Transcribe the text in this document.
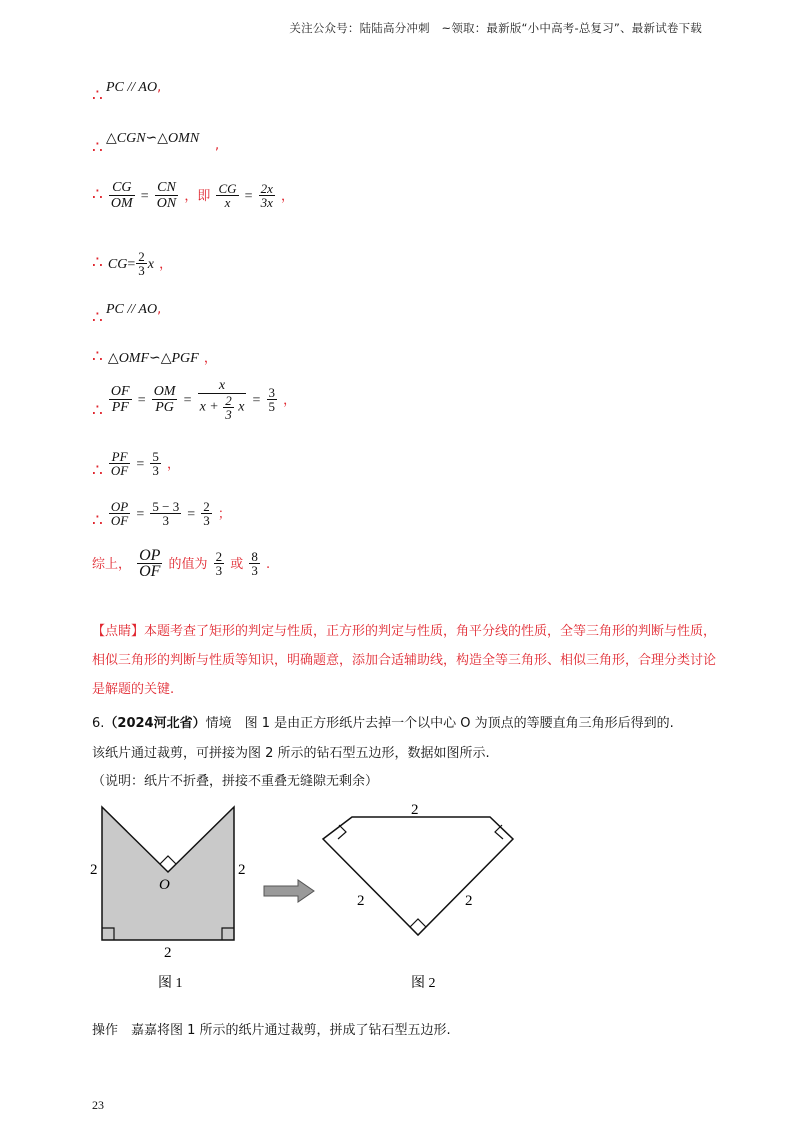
关注公众号：陆陆高分冲刺　~领取：最新版“小中高考-总复习”、最新试卷下载
PC // AO,
∴
△CGN∽△OMN ,
∴
∴ $\frac{CG}{OM} = \frac{CN}{ON}$ ，即 $\frac{CG}{x} = \frac{2x}{3x}$ ，
∴ $CG= \frac{2}{3}$ x ，
PC // AO,
∴
∴ △OMF∽△PGF ，
∴ $\frac{OF}{PF} = \frac{OM}{PG} = \frac{x}{x + \frac{2}{3} x} = \frac{3}{5}$ ，
∴ $\frac{PF}{OF} = \frac{5}{3}$ ，
∴ $\frac{OP}{OF} = \frac{5 - 3}{3} = \frac{2}{3}$ ；
综上， $\frac{OP}{OF}$ 的值为 $\frac{2}{3}$ 或 $\frac{8}{3}$ .
【点睛】本题考查了矩形的判定与性质，正方形的判定与性质，角平分线的性质，全等三角形的判断与性质，相似三角形的判断与性质等知识，明确题意，添加合适辅助线，构造全等三角形、相似三角形，合理分类讨论是解题的关键.
6.（2024河北省）情境　图 1 是由正方形纸片去掉一个以中心 O 为顶点的等腰直角三角形后得到的.
该纸片通过裁剪，可拼接为图 2 所示的钻石型五边形，数据如图所示.
（说明：纸片不折叠，拼接不重叠无缝隙无剩余）
2	2
2
O
图 1
2
2	2
图 2
操作　嘉嘉将图 1 所示的纸片通过裁剪，拼成了钻石型五边形.
23
